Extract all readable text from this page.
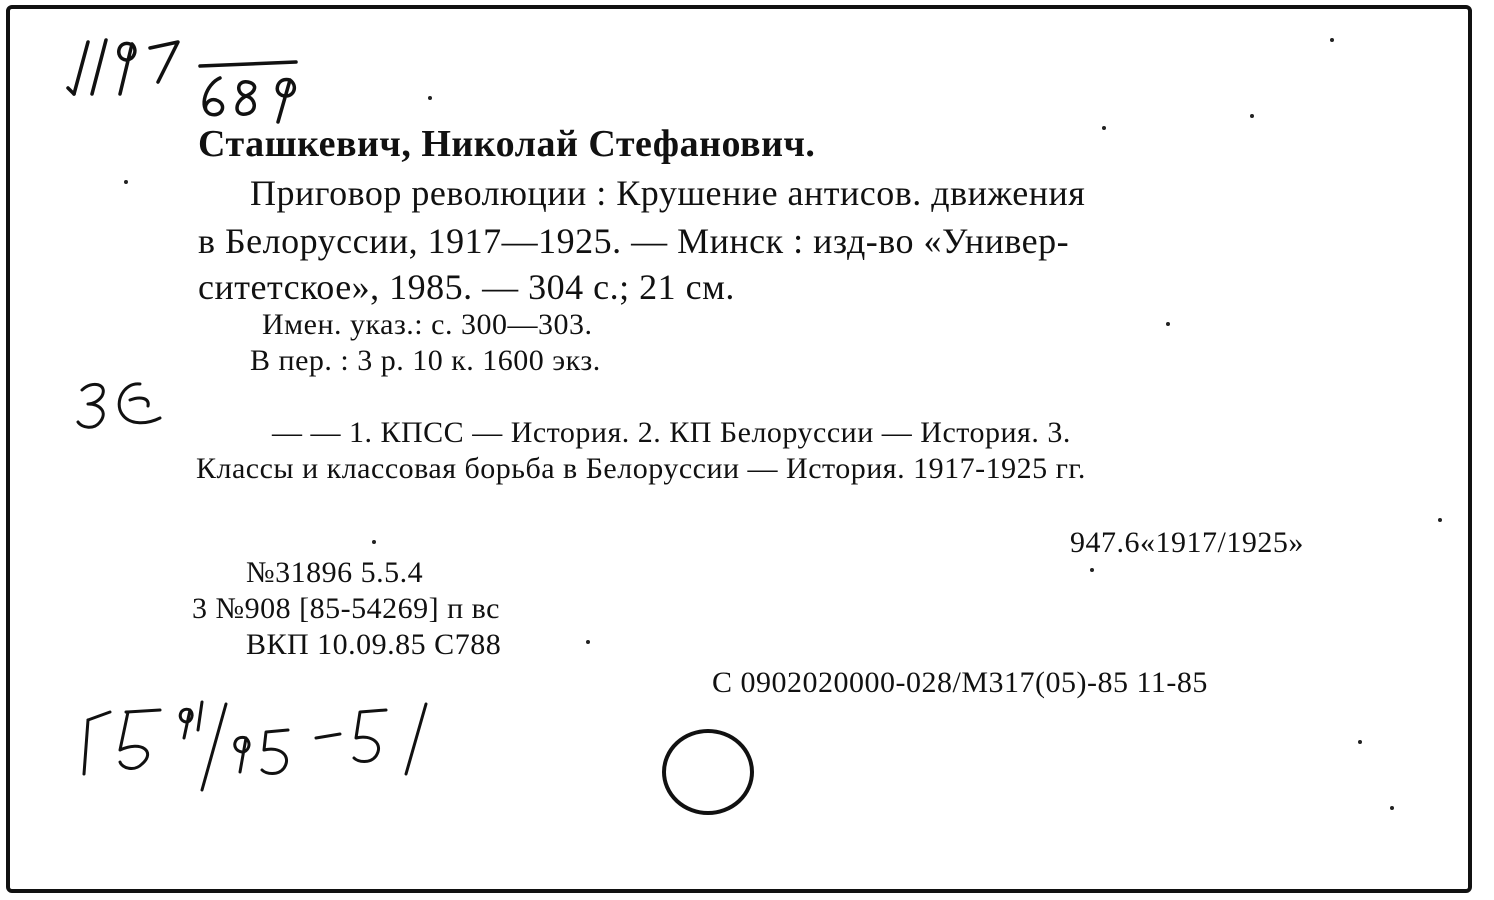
Сташкевич, Николай Стефанович.
Приговор революции : Крушение антисов. движения
в Белоруссии, 1917—1925. — Минск : изд-во «Универ-
ситетское», 1985. — 304 с.; 21 см.
Имен. указ.: с. 300—303.
В пер. : 3 р. 10 к. 1600 экз.
— — 1. КПСС — История. 2. КП Белоруссии — История. 3.
Классы и классовая борьба в Белоруссии — История. 1917-1925 гг.
947.6«1917/1925»
№31896 5.5.4
3 №908 [85-54269] п вс
ВКП 10.09.85 С788
С 0902020000-028/М317(05)-85 11-85
